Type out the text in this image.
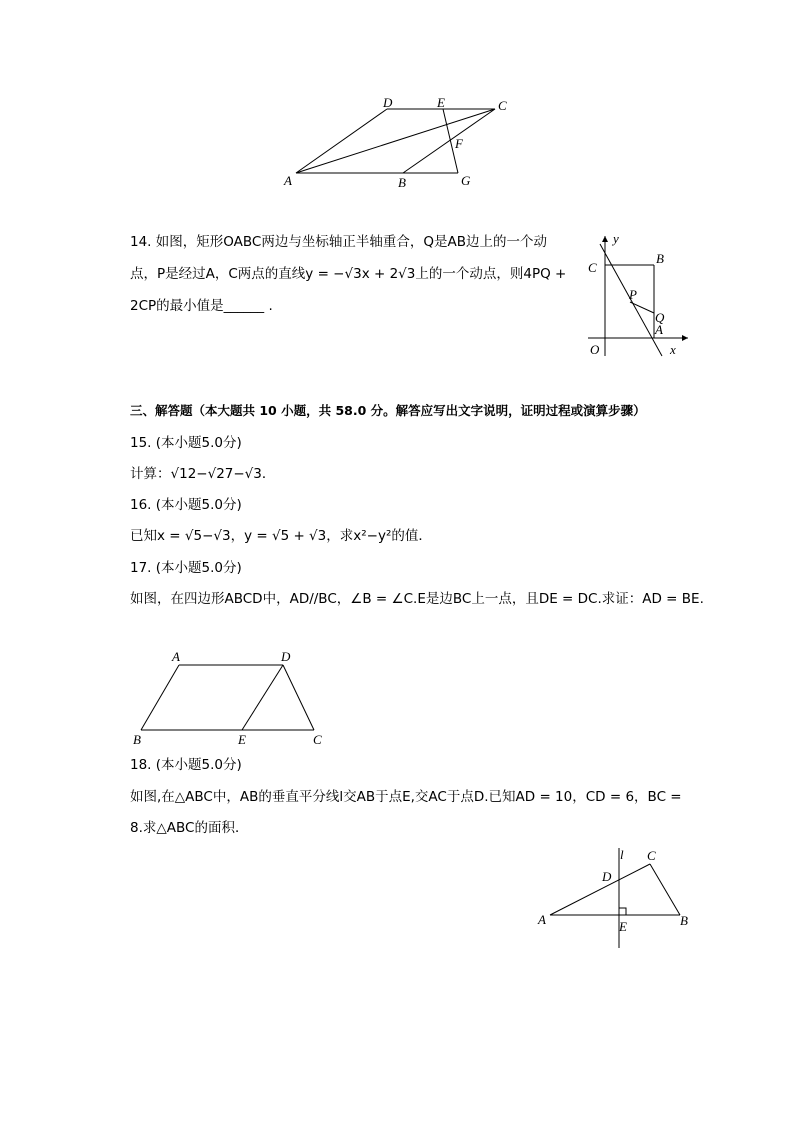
A	B	G
D	E	C
F
14. 如图，矩形OABC两边与坐标轴正半轴重合，Q是AB边上的一个动
点，P是经过A，C两点的直线y = −√3x + 2√3上的一个动点，则4PQ +
2CP的最小值是______ .
y
x
O
C
B
P
Q
A
三、解答题（本大题共 10 小题，共 58.0 分。解答应写出文字说明，证明过程或演算步骤）
15. (本小题5.0分)
计算：√12−√27−√3．
16. (本小题5.0分)
已知x = √5−√3，y = √5 + √3，求x²−y²的值．
17. (本小题5.0分)
如图，在四边形ABCD中，AD//BC，∠B = ∠C.E是边BC上一点，且DE = DC.求证：AD = BE.
A	D
B	E	C
18. (本小题5.0分)
如图,在△ABC中，AB的垂直平分线l交AB于点E,交AC于点D.已知AD = 10，CD = 6，BC =
8.求△ABC的面积．
l C
D
A	E	B
